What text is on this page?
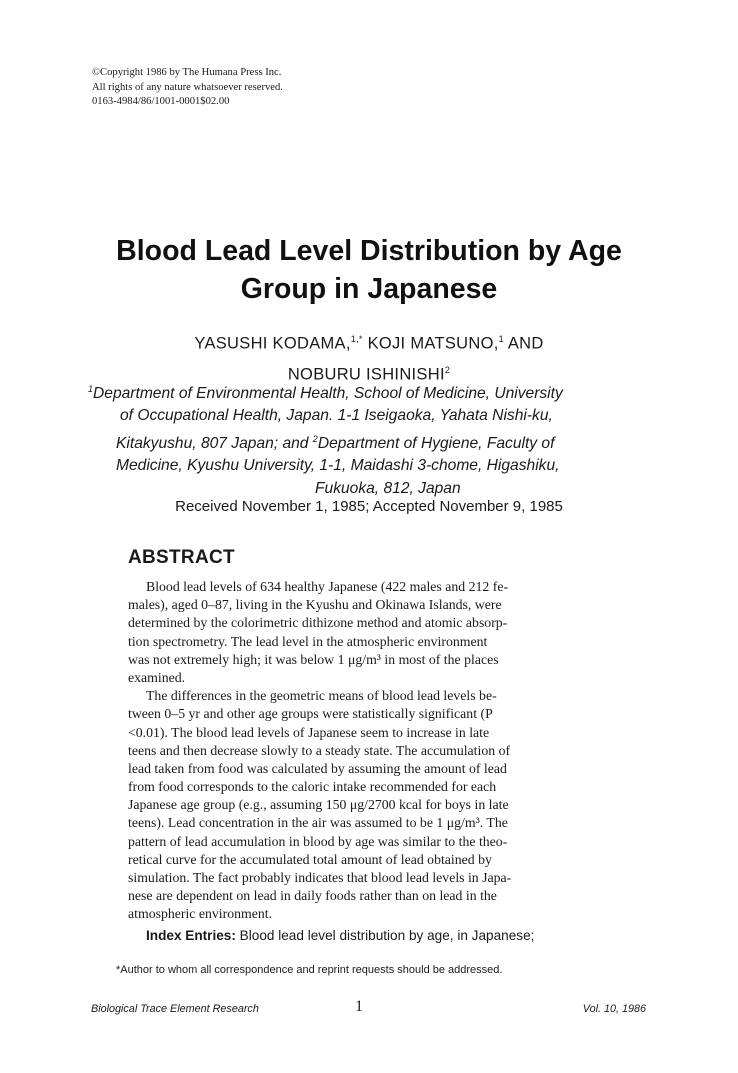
©Copyright 1986 by The Humana Press Inc.
All rights of any nature whatsoever reserved.
0163-4984/86/1001-0001$02.00
Blood Lead Level Distribution by Age
Group in Japanese
YASUSHI KODAMA,$^{1,*}$ KOJI MATSUNO,$^1$ AND
NOBURU ISHINISHI$^2$
$^1$Department of Environmental Health, School of Medicine, University
of Occupational Health, Japan. 1-1 Iseigaoka, Yahata Nishi-ku,
Kitakyushu, 807 Japan; and $^2$Department of Hygiene, Faculty of
Medicine, Kyushu University, 1-1, Maidashi 3-chome, Higashiku,
Fukuoka, 812, Japan
Received November 1, 1985; Accepted November 9, 1985
ABSTRACT
Blood lead levels of 634 healthy Japanese (422 males and 212 fe-
males), aged 0–87, living in the Kyushu and Okinawa Islands, were
determined by the colorimetric dithizone method and atomic absorp-
tion spectrometry. The lead level in the atmospheric environment
was not extremely high; it was below 1 μg/m³ in most of the places
examined.
The differences in the geometric means of blood lead levels be-
tween 0–5 yr and other age groups were statistically significant (P
<0.01). The blood lead levels of Japanese seem to increase in late
teens and then decrease slowly to a steady state. The accumulation of
lead taken from food was calculated by assuming the amount of lead
from food corresponds to the caloric intake recommended for each
Japanese age group (e.g., assuming 150 μg/2700 kcal for boys in late
teens). Lead concentration in the air was assumed to be 1 μg/m³. The
pattern of lead accumulation in blood by age was similar to the theo-
retical curve for the accumulated total amount of lead obtained by
simulation. The fact probably indicates that blood lead levels in Japa-
nese are dependent on lead in daily foods rather than on lead in the
atmospheric environment.
Index Entries: Blood lead level distribution by age, in Japanese;
*Author to whom all correspondence and reprint requests should be addressed.
Biological Trace Element Research	1	Vol. 10, 1986
